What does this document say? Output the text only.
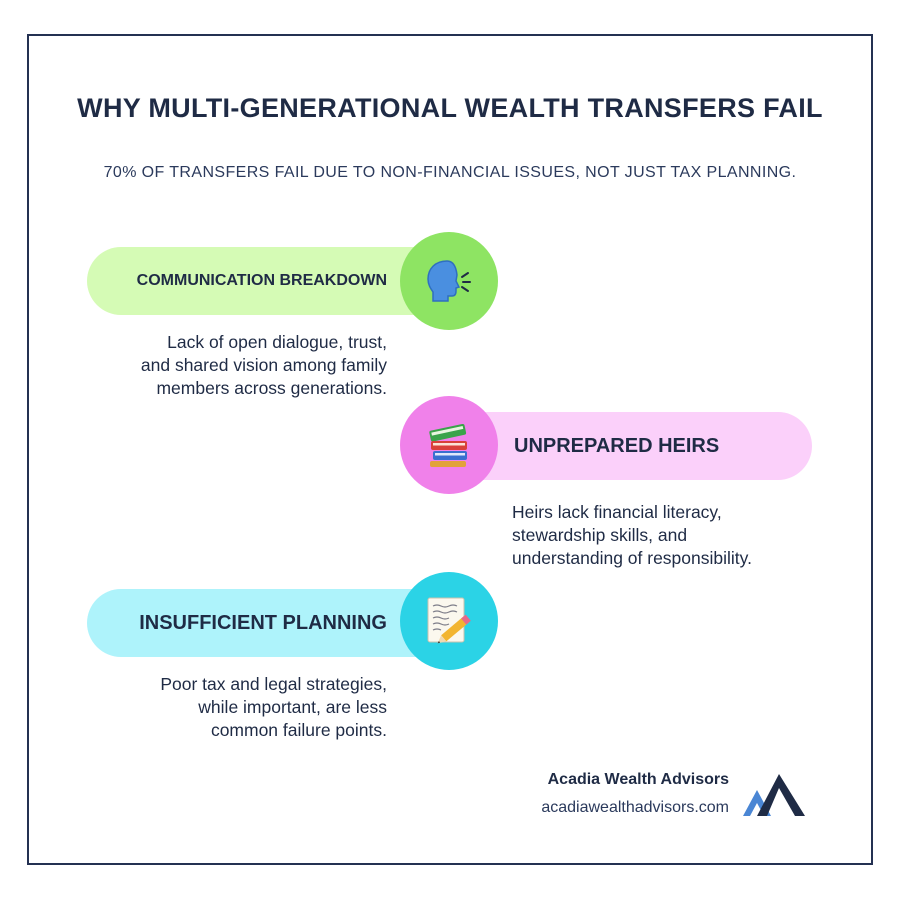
WHY MULTI-GENERATIONAL WEALTH TRANSFERS FAIL
70% OF TRANSFERS FAIL DUE TO NON-FINANCIAL ISSUES, NOT JUST TAX PLANNING.
COMMUNICATION BREAKDOWN
Lack of open dialogue, trust,
and shared vision among family
members across generations.
UNPREPARED HEIRS
Heirs lack financial literacy,
stewardship skills, and
understanding of responsibility.
INSUFFICIENT PLANNING
Poor tax and legal strategies,
while important, are less
common failure points.
Acadia Wealth Advisors
acadiawealthadvisors.com
